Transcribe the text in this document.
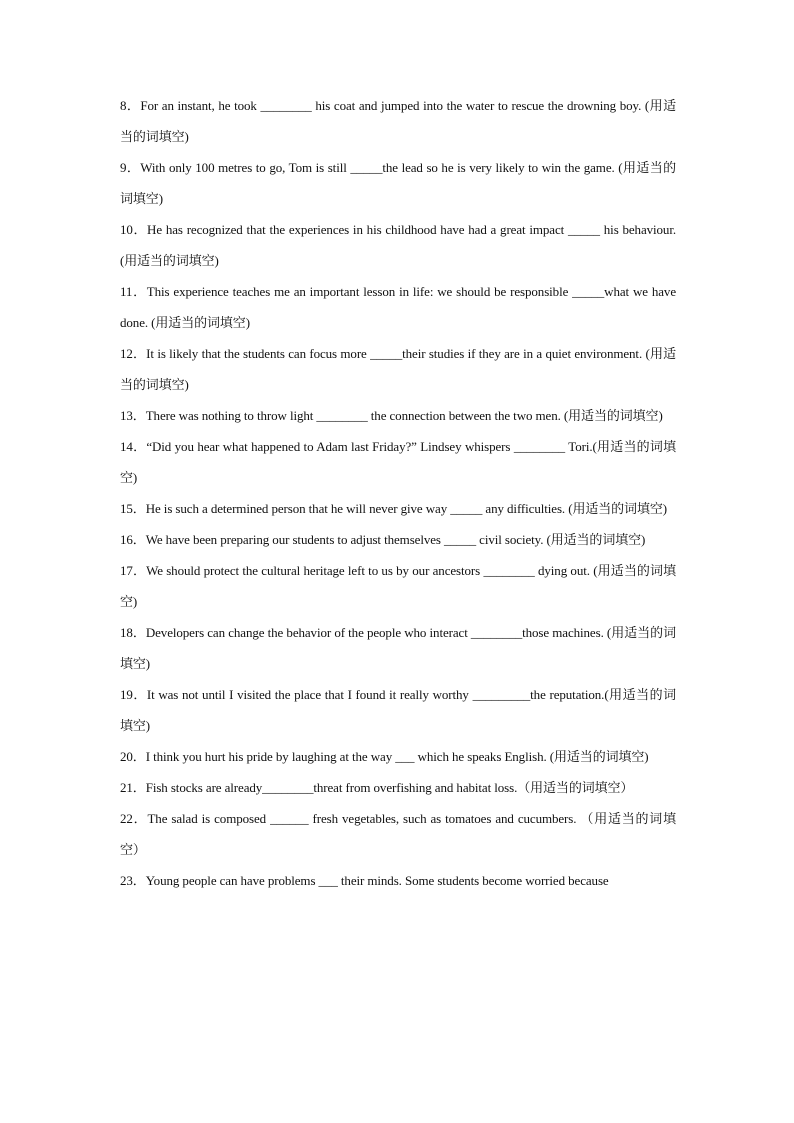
8．For an instant, he took ________ his coat and jumped into the water to rescue the drowning boy. (用适当的词填空)

9．With only 100 metres to go, Tom is still _____the lead so he is very likely to win the game. (用适当的词填空)

10．He has recognized that the experiences in his childhood have had a great impact _____ his behaviour. (用适当的词填空)

11．This experience teaches me an important lesson in life: we should be responsible _____what we have done. (用适当的词填空)

12．It is likely that the students can focus more _____their studies if they are in a quiet environment. (用适当的词填空)

13．There was nothing to throw light ________ the connection between the two men. (用适当的词填空)

14．“Did you hear what happened to Adam last Friday?” Lindsey whispers ________ Tori.(用适当的词填空)

15．He is such a determined person that he will never give way _____ any difficulties. (用适当的词填空)

16．We have been preparing our students to adjust themselves _____ civil society. (用适当的词填空)

17．We should protect the cultural heritage left to us by our ancestors ________ dying out. (用适当的词填空)

18．Developers can change the behavior of the people who interact ________those machines. (用适当的词填空)

19．It was not until I visited the place that I found it really worthy _________the reputation.(用适当的词填空)

20．I think you hurt his pride by laughing at the way ___ which he speaks English. (用适当的词填空)

21．Fish stocks are already________threat from overfishing and habitat loss.（用适当的词填空）

22．The salad is composed ______ fresh vegetables, such as tomatoes and cucumbers. （用适当的词填空）

23．Young people can have problems ___ their minds. Some students become worried because
